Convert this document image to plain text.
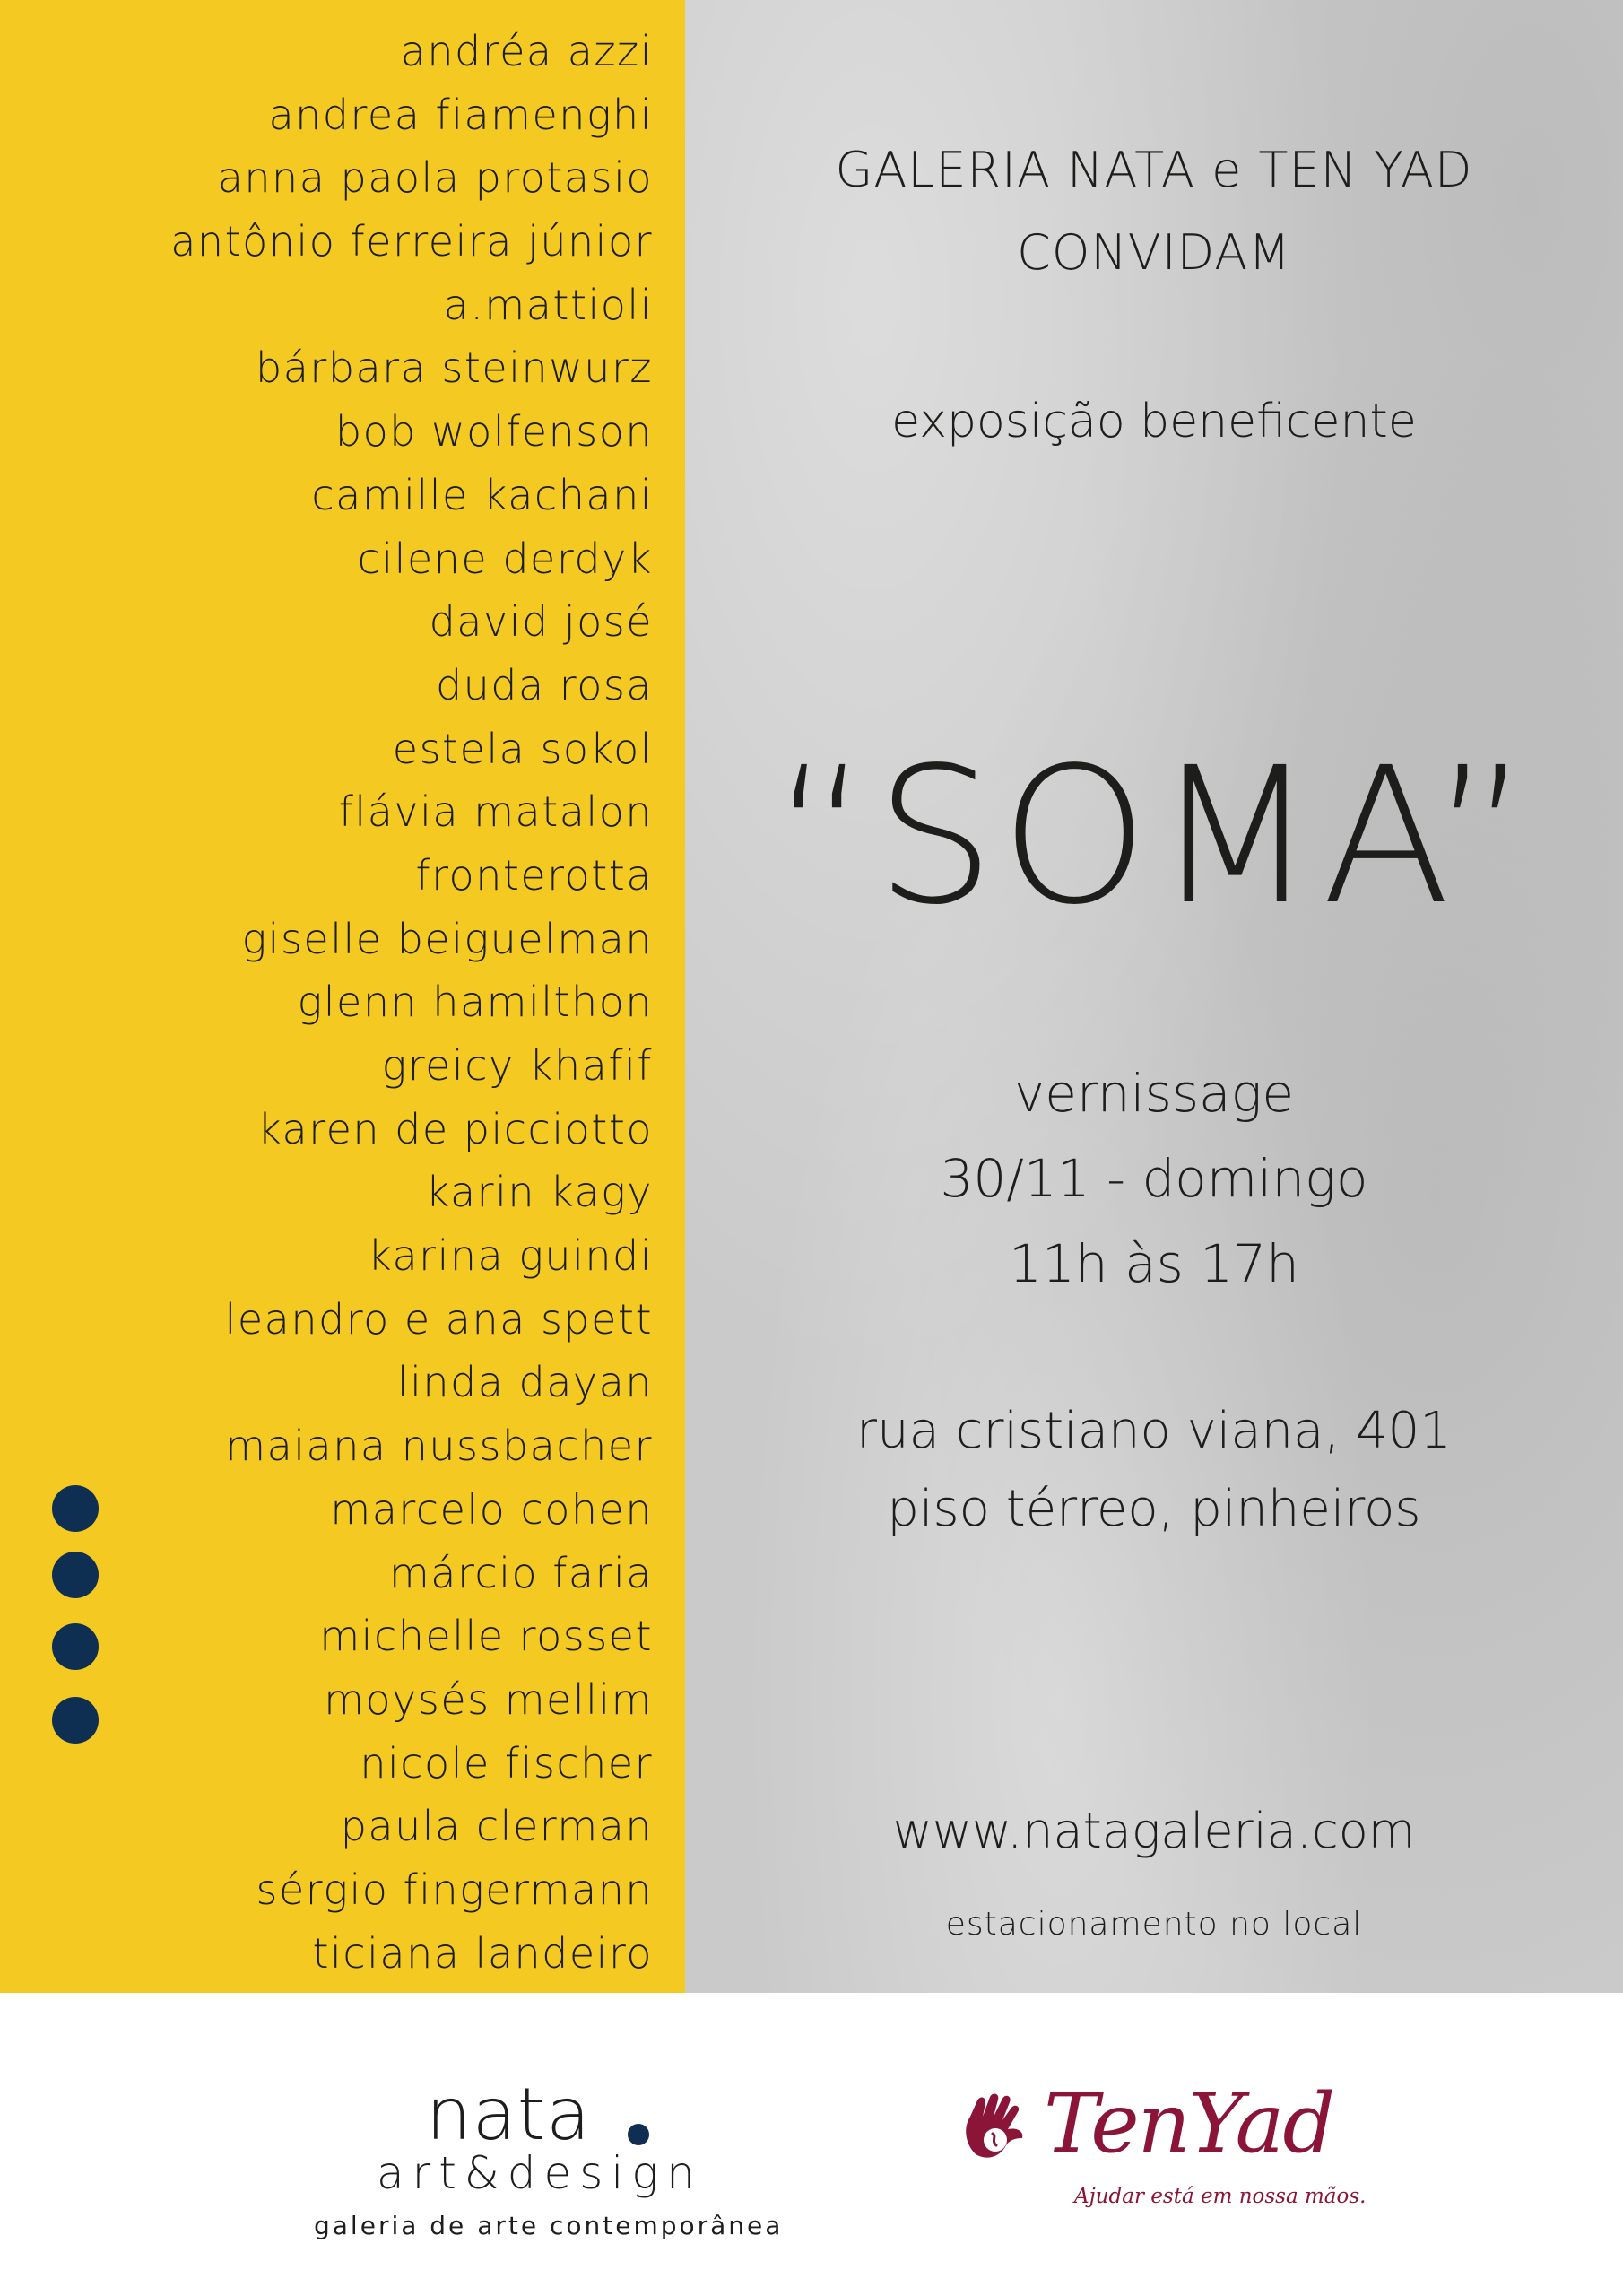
andréa azzi
andrea fiamenghi
anna paola protasio
antônio ferreira júnior
a.mattioli
bárbara steinwurz
bob wolfenson
camille kachani
cilene derdyk
david josé
duda rosa
estela sokol
flávia matalon
fronterotta
giselle beiguelman
glenn hamilthon
greicy khafif
karen de picciotto
karin kagy
karina guindi
leandro e ana spett
linda dayan
maiana nussbacher
marcelo cohen
márcio faria
michelle rosset
moysés mellim
nicole fischer
paula clerman
sérgio fingermann
ticiana landeiro
GALERIA NATA e TEN YAD
CONVIDAM
exposição beneficente
“SOMA”
vernissage
30/11 - domingo
11h às 17h
rua cristiano viana, 401
piso térreo, pinheiros
www.natagaleria.com
estacionamento no local
nata
art&design
galeria de arte contemporânea
TenYad
Ajudar está em nossa mãos.
